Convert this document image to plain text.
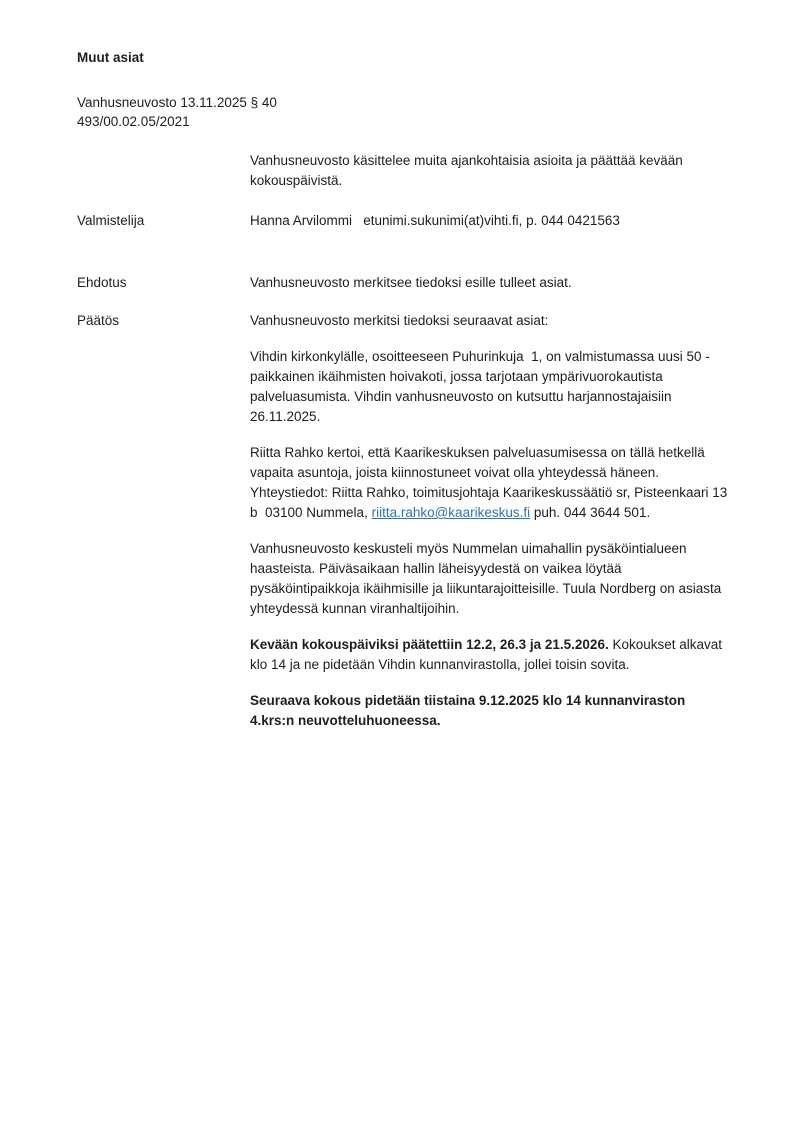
Muut asiat
Vanhusneuvosto 13.11.2025 § 40
493/00.02.05/2021

Vanhusneuvosto käsittelee muita ajankohtaisia asioita ja päättää kevään kokouspäivistä.

Valmistelija	Hanna Arvilommi   etunimi.sukunimi(at)vihti.fi, p. 044 0421563

Ehdotus	Vanhusneuvosto merkitsee tiedoksi esille tulleet asiat.

Päätös	Vanhusneuvosto merkitsi tiedoksi seuraavat asiat:

Vihdin kirkonkylälle, osoitteeseen Puhurinkuja  1, on valmistumassa uusi 50 -paikkainen ikäihmisten hoivakoti, jossa tarjotaan ympärivuorokautista palveluasumista. Vihdin vanhusneuvosto on kutsuttu harjannostajaisiin 26.11.2025.

Riitta Rahko kertoi, että Kaarikeskuksen palveluasumisessa on tällä hetkellä vapaita asuntoja, joista kiinnostuneet voivat olla yhteydessä häneen. Yhteystiedot: Riitta Rahko, toimitusjohtaja Kaarikeskussäätiö sr, Pisteenkaari 13 b  03100 Nummela, riitta.rahko@kaarikeskus.fi puh. 044 3644 501.

Vanhusneuvosto keskusteli myös Nummelan uimahallin pysäköintialueen haasteista. Päiväsaikaan hallin läheisyydestä on vaikea löytää pysäköintipaikkoja ikäihmisille ja liikuntarajoitteisille. Tuula Nordberg on asiasta yhteydessä kunnan viranhaltijoihin.

Kevään kokouspäiviksi päätettiin 12.2, 26.3 ja 21.5.2026. Kokoukset alkavat klo 14 ja ne pidetään Vihdin kunnanvirastolla, jollei toisin sovita.

Seuraava kokous pidetään tiistaina 9.12.2025 klo 14 kunnanviraston 4.krs:n neuvotteluhuoneessa.
